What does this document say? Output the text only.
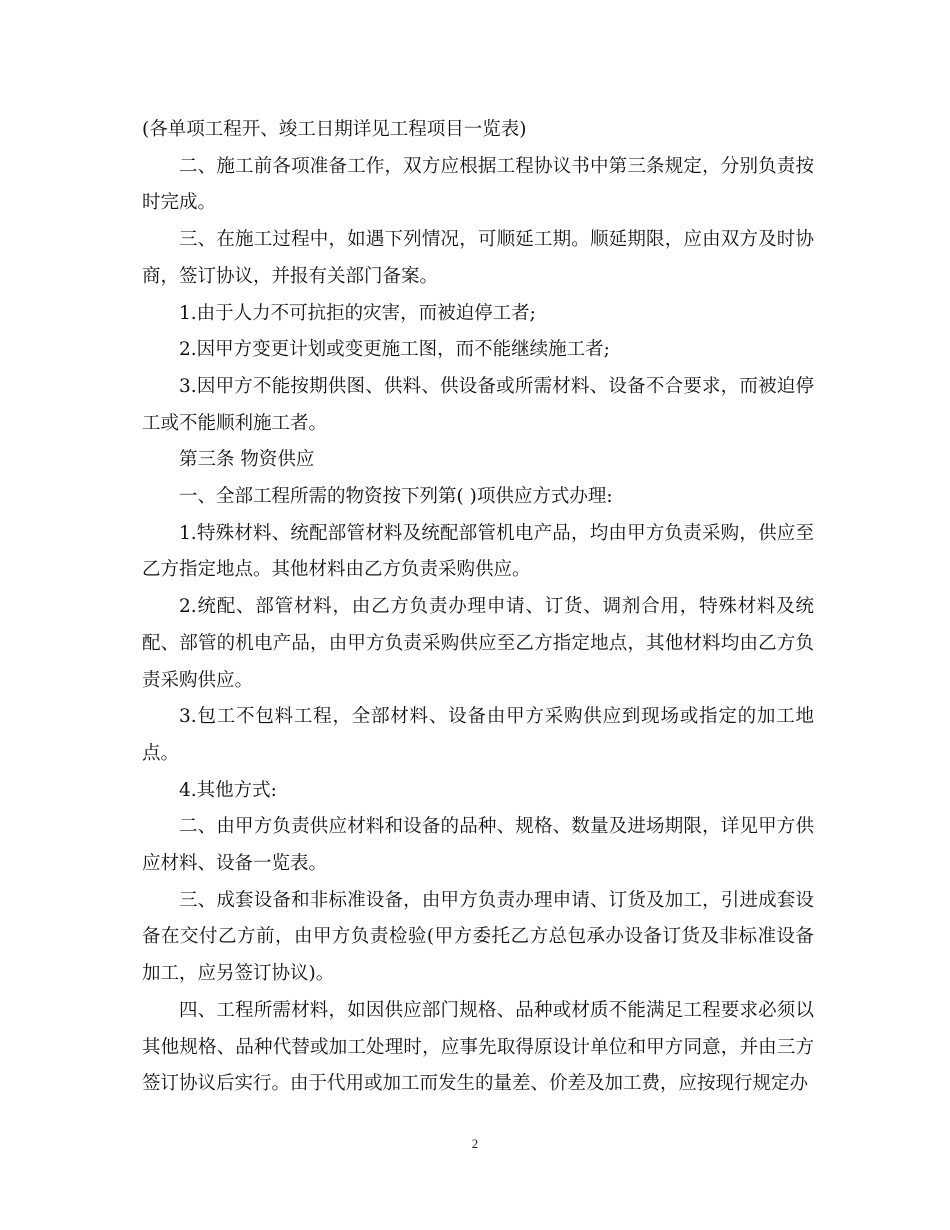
(各单项工程开、竣工日期详见工程项目一览表)

二、施工前各项准备工作，双方应根据工程协议书中第三条规定，分别负责按时完成。

三、在施工过程中，如遇下列情况，可顺延工期。顺延期限，应由双方及时协商，签订协议，并报有关部门备案。

1.由于人力不可抗拒的灾害，而被迫停工者;

2.因甲方变更计划或变更施工图，而不能继续施工者;

3.因甲方不能按期供图、供料、供设备或所需材料、设备不合要求，而被迫停工或不能顺利施工者。

第三条 物资供应

一、全部工程所需的物资按下列第( )项供应方式办理:

1.特殊材料、统配部管材料及统配部管机电产品，均由甲方负责采购，供应至乙方指定地点。其他材料由乙方负责采购供应。

2.统配、部管材料，由乙方负责办理申请、订货、调剂合用，特殊材料及统配、部管的机电产品，由甲方负责采购供应至乙方指定地点，其他材料均由乙方负责采购供应。

3.包工不包料工程，全部材料、设备由甲方采购供应到现场或指定的加工地点。

4.其他方式:

二、由甲方负责供应材料和设备的品种、规格、数量及进场期限，详见甲方供应材料、设备一览表。

三、成套设备和非标准设备，由甲方负责办理申请、订货及加工，引进成套设备在交付乙方前，由甲方负责检验(甲方委托乙方总包承办设备订货及非标准设备加工，应另签订协议)。

四、工程所需材料，如因供应部门规格、品种或材质不能满足工程要求必须以其他规格、品种代替或加工处理时，应事先取得原设计单位和甲方同意，并由三方签订协议后实行。由于代用或加工而发生的量差、价差及加工费，应按现行规定办

2
